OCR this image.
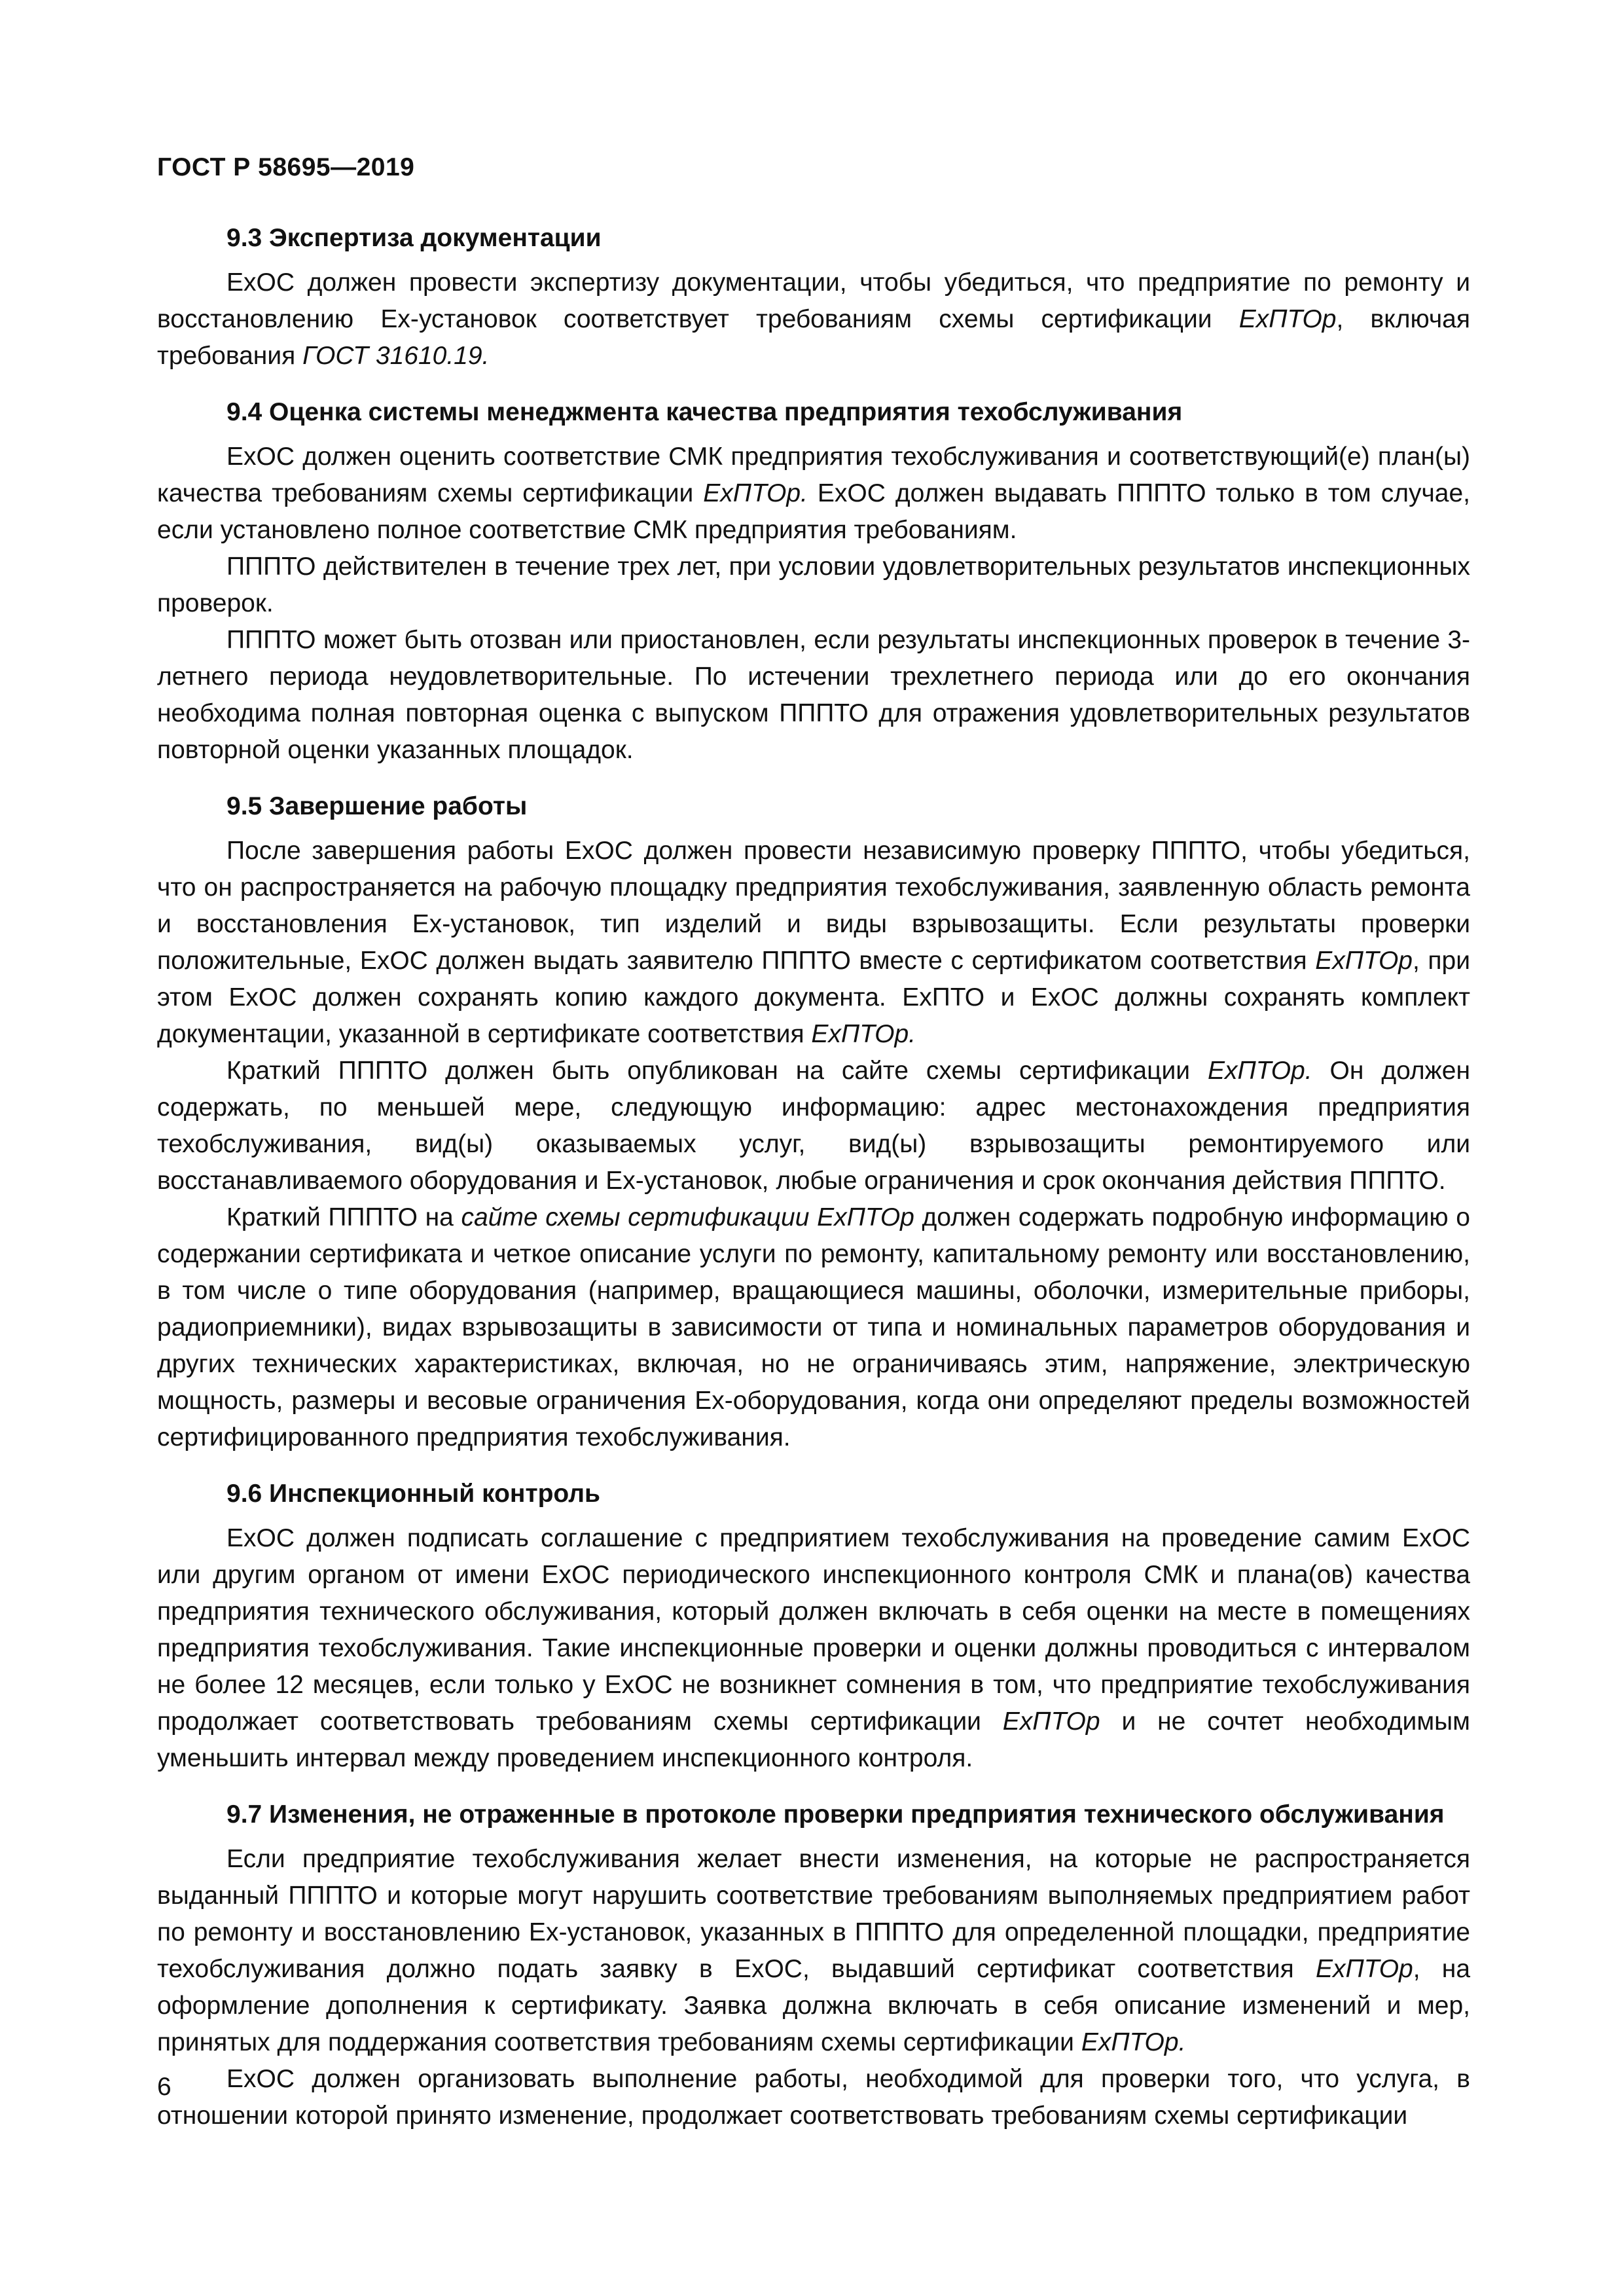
ГОСТ Р 58695—2019
9.3 Экспертиза документации

ExОС должен провести экспертизу документации, чтобы убедиться, что предприятие по ремонту и восстановлению Ex-установок соответствует требованиям схемы сертификации ExПТОр, включая требования ГОСТ 31610.19.

9.4 Оценка системы менеджмента качества предприятия техобслуживания

ExОС должен оценить соответствие СМК предприятия техобслуживания и соответствующий(е) план(ы) качества требованиям схемы сертификации ExПТОр. ExОС должен выдавать ПППТО только в том случае, если установлено полное соответствие СМК предприятия требованиям.

ПППТО действителен в течение трех лет, при условии удовлетворительных результатов инспекционных проверок.

ПППТО может быть отозван или приостановлен, если результаты инспекционных проверок в течение 3-летнего периода неудовлетворительные. По истечении трехлетнего периода или до его окончания необходима полная повторная оценка с выпуском ПППТО для отражения удовлетворительных результатов повторной оценки указанных площадок.

9.5 Завершение работы

После завершения работы ExОС должен провести независимую проверку ПППТО, чтобы убедиться, что он распространяется на рабочую площадку предприятия техобслуживания, заявленную область ремонта и восстановления Ex-установок, тип изделий и виды взрывозащиты. Если результаты проверки положительные, ExОС должен выдать заявителю ПППТО вместе с сертификатом соответствия ExПТОр, при этом ExОС должен сохранять копию каждого документа. ExПТО и ExОС должны сохранять комплект документации, указанной в сертификате соответствия ExПТОр.

Краткий ПППТО должен быть опубликован на сайте схемы сертификации ExПТОр. Он должен содержать, по меньшей мере, следующую информацию: адрес местонахождения предприятия техобслуживания, вид(ы) оказываемых услуг, вид(ы) взрывозащиты ремонтируемого или восстанавливаемого оборудования и Ex-установок, любые ограничения и срок окончания действия ПППТО.

Краткий ПППТО на сайте схемы сертификации ExПТОр должен содержать подробную информацию о содержании сертификата и четкое описание услуги по ремонту, капитальному ремонту или восстановлению, в том числе о типе оборудования (например, вращающиеся машины, оболочки, измерительные приборы, радиоприемники), видах взрывозащиты в зависимости от типа и номинальных параметров оборудования и других технических характеристиках, включая, но не ограничиваясь этим, напряжение, электрическую мощность, размеры и весовые ограничения Ex-оборудования, когда они определяют пределы возможностей сертифицированного предприятия техобслуживания.

9.6 Инспекционный контроль

ExОС должен подписать соглашение с предприятием техобслуживания на проведение самим ExОС или другим органом от имени ExОС периодического инспекционного контроля СМК и плана(ов) качества предприятия технического обслуживания, который должен включать в себя оценки на месте в помещениях предприятия техобслуживания. Такие инспекционные проверки и оценки должны проводиться с интервалом не более 12 месяцев, если только у ExОС не возникнет сомнения в том, что предприятие техобслуживания продолжает соответствовать требованиям схемы сертификации ExПТОр и не сочтет необходимым уменьшить интервал между проведением инспекционного контроля.

9.7 Изменения, не отраженные в протоколе проверки предприятия технического обслуживания

Если предприятие техобслуживания желает внести изменения, на которые не распространяется выданный ПППТО и которые могут нарушить соответствие требованиям выполняемых предприятием работ по ремонту и восстановлению Ex-установок, указанных в ПППТО для определенной площадки, предприятие техобслуживания должно подать заявку в ExОС, выдавший сертификат соответствия ExПТОр, на оформление дополнения к сертификату. Заявка должна включать в себя описание изменений и мер, принятых для поддержания соответствия требованиям схемы сертификации ExПТОр.

ExОС должен организовать выполнение работы, необходимой для проверки того, что услуга, в отношении которой принято изменение, продолжает соответствовать требованиям схемы сертификации

6
